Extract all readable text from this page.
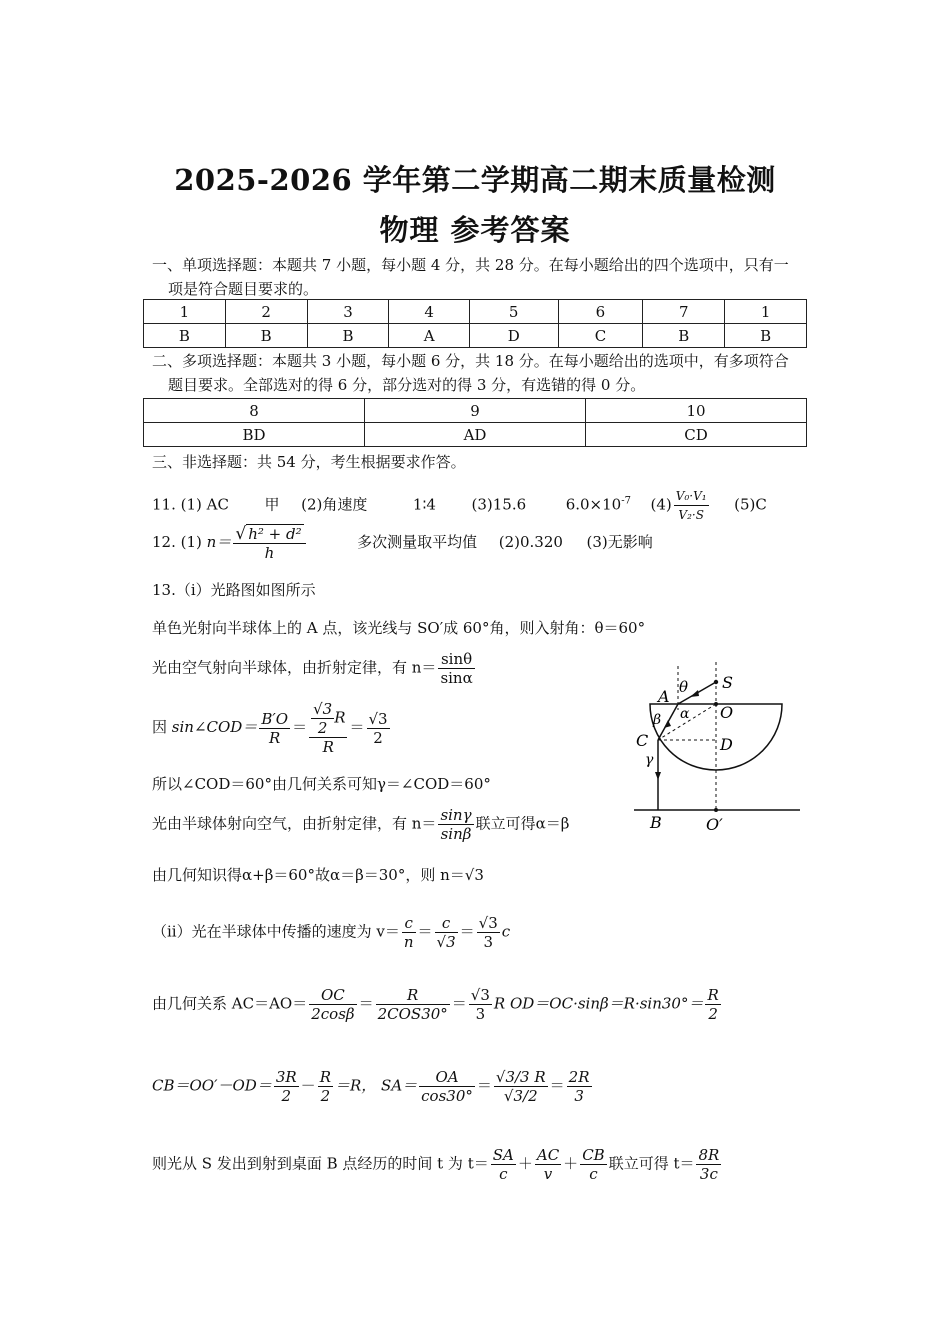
2025-2026 学年第二学期高二期末质量检测
物理 参考答案
一、单项选择题：本题共 7 小题，每小题 4 分，共 28 分。在每小题给出的四个选项中，只有一
项是符合题目要求的。
1	2	3	4	5	6	7	1
B	B	B	A	D	C	B	B
二、多项选择题：本题共 3 小题，每小题 6 分，共 18 分。在每小题给出的选项中，有多项符合
题目要求。全部选对的得 6 分，部分选对的得 3 分，有选错的得 0 分。
8	9	10
BD	AD	CD
三、非选择题：共 54 分，考生根据要求作答。
11. (1) AC 甲 (2)角速度	1∶4 (3)15.6	$6.0\times 10^{-7}$ $(4) \frac{\text{V₀·V₁}}{\text{V₂·S}} (5)C$
12. (1) $n= \frac{\text{√ h² + d²}}{h}$	多次测量取平均值 (2)0.320 (3)无影响
13.（i）光路图如图所示
单色光射向半球体上的 A 点，该光线与 SO′成 60°角，则入射角：θ＝60°
光由空气射向半球体，由折射定律，有 $n= \frac{\sin\theta}{\sin\alpha}$
因 sin∠COD＝ $\frac{B'O}{R} = \frac{\frac{√3}{2} R}{R} = \frac{√3}{2}$
所以∠COD＝60°由几何关系可知γ＝∠COD＝60°
光由半球体射向空气，由折射定律，有 $n= \frac{\sin\gamma}{\sin\beta}$ 联立可得α＝β
由几何知识得α+β＝60°故α＝β＝30°，则 n＝√3
（ii）光在半球体中传播的速度为 $v= \frac{c}{n} = \frac{c}{√3} = \frac{√3}{3}$ c
由几何关系 $AC=AO= \frac{OC}{2\cos\beta} = \frac{R}{\text{2COS30°}} = \frac{√3}{3}$ R $OD=OC\cdot\sin\beta=R\cdot\sin 30^\circ= \frac{R}{2}$
$CB=OO'-OD= \frac{3R}{2} - \frac{R}{2} =R$， $SA= \frac{OA}{\cos 30^\circ} = \frac{√3/3 R}{√3/2} = \frac{2R}{3}$
则光从 S 发出到射到桌面 B 点经历的时间 t 为 $t= \frac{SA}{c} + \frac{AC}{v} + \frac{CB}{c}$ 联立可得 $t= \frac{8R}{3c}$
S
A θ
α O
β
C	D
γ
B	O′
